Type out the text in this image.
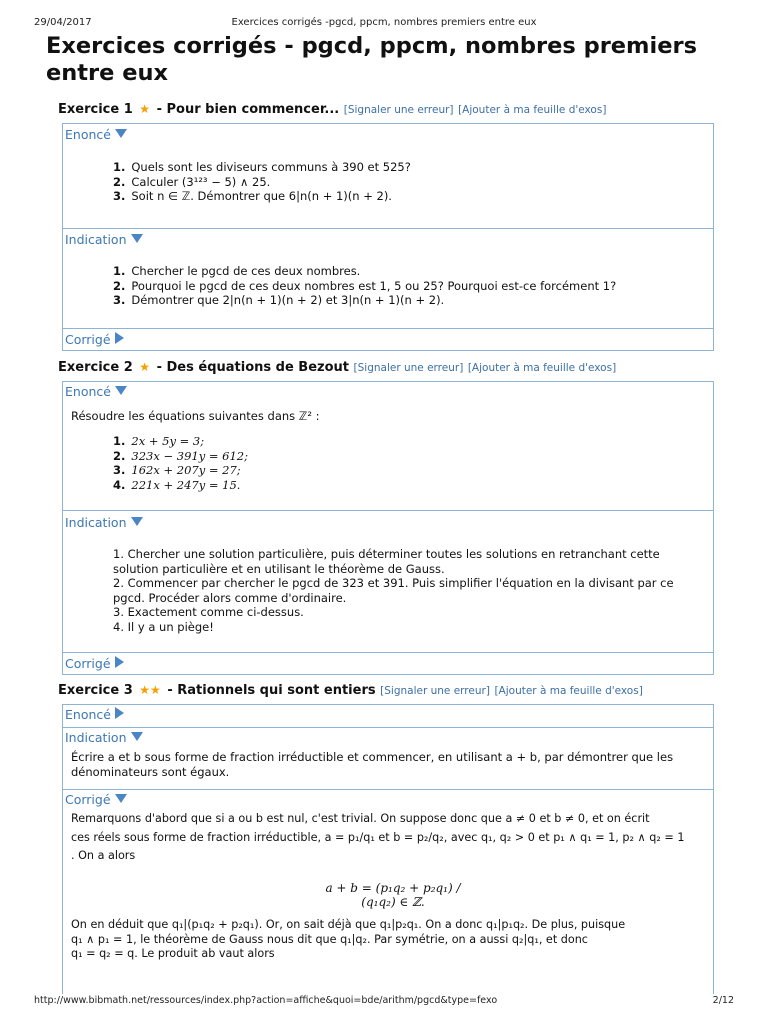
29/04/2017	Exercices corrigés -pgcd, ppcm, nombres premiers entre eux
Exercices corrigés - pgcd, ppcm, nombres premiers entre eux
Exercice 1 ★ - Pour bien commencer... [Signaler une erreur] [Ajouter à ma feuille d'exos]
Enoncé
1. Quels sont les diviseurs communs à 390 et 525?
2. Calculer (3¹²³ − 5) ∧ 25.
3. Soit n ∈ ℤ. Démontrer que 6|n(n + 1)(n + 2).
Indication
1. Chercher le pgcd de ces deux nombres.
2. Pourquoi le pgcd de ces deux nombres est 1, 5 ou 25? Pourquoi est-ce forcément 1?
3. Démontrer que 2|n(n + 1)(n + 2) et 3|n(n + 1)(n + 2).
Corrigé
Exercice 2 ★ - Des équations de Bezout [Signaler une erreur] [Ajouter à ma feuille d'exos]
Enoncé
Résoudre les équations suivantes dans ℤ² :
1. 2x + 5y = 3;
2. 323x − 391y = 612;
3. 162x + 207y = 27;
4. 221x + 247y = 15.
Indication
1. Chercher une solution particulière, puis déterminer toutes les solutions en retranchant cette
solution particulière et en utilisant le théorème de Gauss.
2. Commencer par chercher le pgcd de 323 et 391. Puis simplifier l'équation en la divisant par ce
pgcd. Procéder alors comme d'ordinaire.
3. Exactement comme ci-dessus.
4. Il y a un piège!
Corrigé
Exercice 3 ★★ - Rationnels qui sont entiers [Signaler une erreur] [Ajouter à ma feuille d'exos]
Enoncé
Indication
Écrire a et b sous forme de fraction irréductible et commencer, en utilisant a + b, par démontrer que les
dénominateurs sont égaux.
Corrigé
Remarquons d'abord que si a ou b est nul, c'est trivial. On suppose donc que a ≠ 0 et b ≠ 0, et on écrit
ces réels sous forme de fraction irréductible, a = p₁/q₁ et b = p₂/q₂, avec q₁, q₂ > 0 et p₁ ∧ q₁ = 1, p₂ ∧ q₂ = 1
. On a alors
a + b = (p₁q₂ + p₂q₁) / (q₁q₂) ∈ ℤ.
On en déduit que q₁|(p₁q₂ + p₂q₁). Or, on sait déjà que q₁|p₂q₁. On a donc q₁|p₁q₂. De plus, puisque
q₁ ∧ p₁ = 1, le théorème de Gauss nous dit que q₁|q₂. Par symétrie, on a aussi q₂|q₁, et donc
q₁ = q₂ = q. Le produit ab vaut alors
http://www.bibmath.net/ressources/index.php?action=affiche&quoi=bde/arithm/pgcd&type=fexo	2/12
